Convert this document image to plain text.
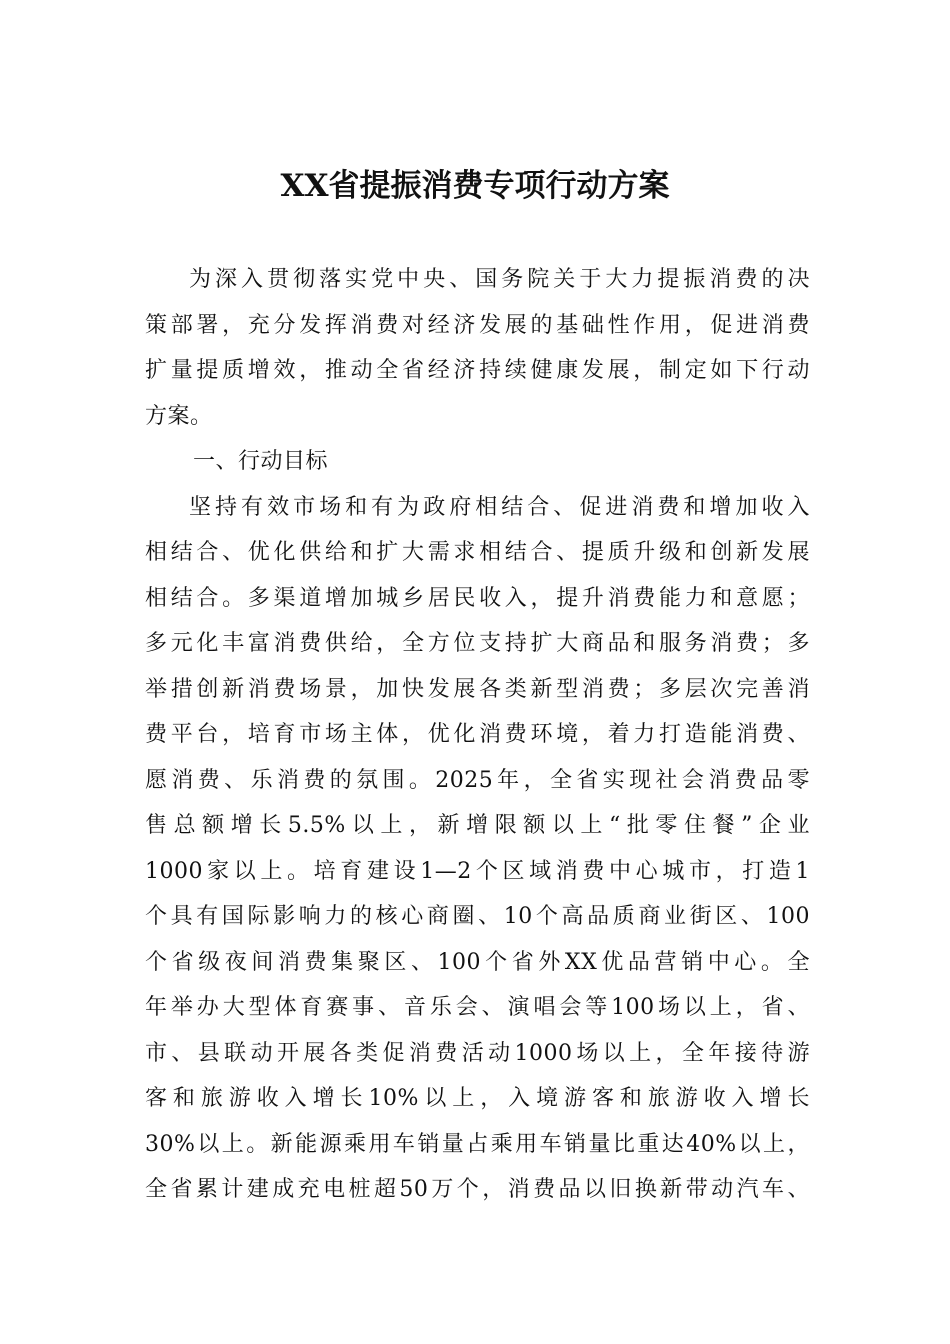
XX省提振消费专项行动方案
为深入贯彻落实党中央、国务院关于大力提振消费的决
策部署，充分发挥消费对经济发展的基础性作用，促进消费
扩量提质增效，推动全省经济持续健康发展，制定如下行动
方案。
一、行动目标
坚持有效市场和有为政府相结合、促进消费和增加收入
相结合、优化供给和扩大需求相结合、提质升级和创新发展
相结合。多渠道增加城乡居民收入，提升消费能力和意愿；
多元化丰富消费供给，全方位支持扩大商品和服务消费；多
举措创新消费场景，加快发展各类新型消费；多层次完善消
费平台，培育市场主体，优化消费环境，着力打造能消费、
愿消费、乐消费的氛围。2025年，全省实现社会消费品零
售总额增长5.5%以上，新增限额以上“批零住餐”企业
1000家以上。培育建设1—2个区域消费中心城市，打造1
个具有国际影响力的核心商圈、10个高品质商业街区、100
个省级夜间消费集聚区、100个省外XX优品营销中心。全
年举办大型体育赛事、音乐会、演唱会等100场以上，省、
市、县联动开展各类促消费活动1000场以上，全年接待游
客和旅游收入增长10%以上，入境游客和旅游收入增长
30%以上。新能源乘用车销量占乘用车销量比重达40%以上，
全省累计建成充电桩超50万个，消费品以旧换新带动汽车、
